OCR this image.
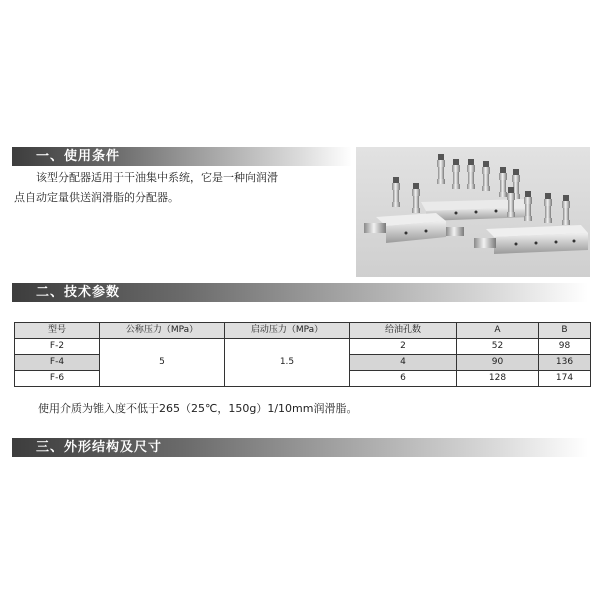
一、使用条件
该型分配器适用于干油集中系统，它是一种向润滑
点自动定量供送润滑脂的分配器。
二、技术参数
型号	公称压力（MPa）	启动压力（MPa）	给油孔数	A	B
F-2	5	1.5	2	52	98
F-4			4	90	136
F-6			6	128	174
使用介质为锥入度不低于265（25℃，150g）1/10mm润滑脂。
三、外形结构及尺寸
